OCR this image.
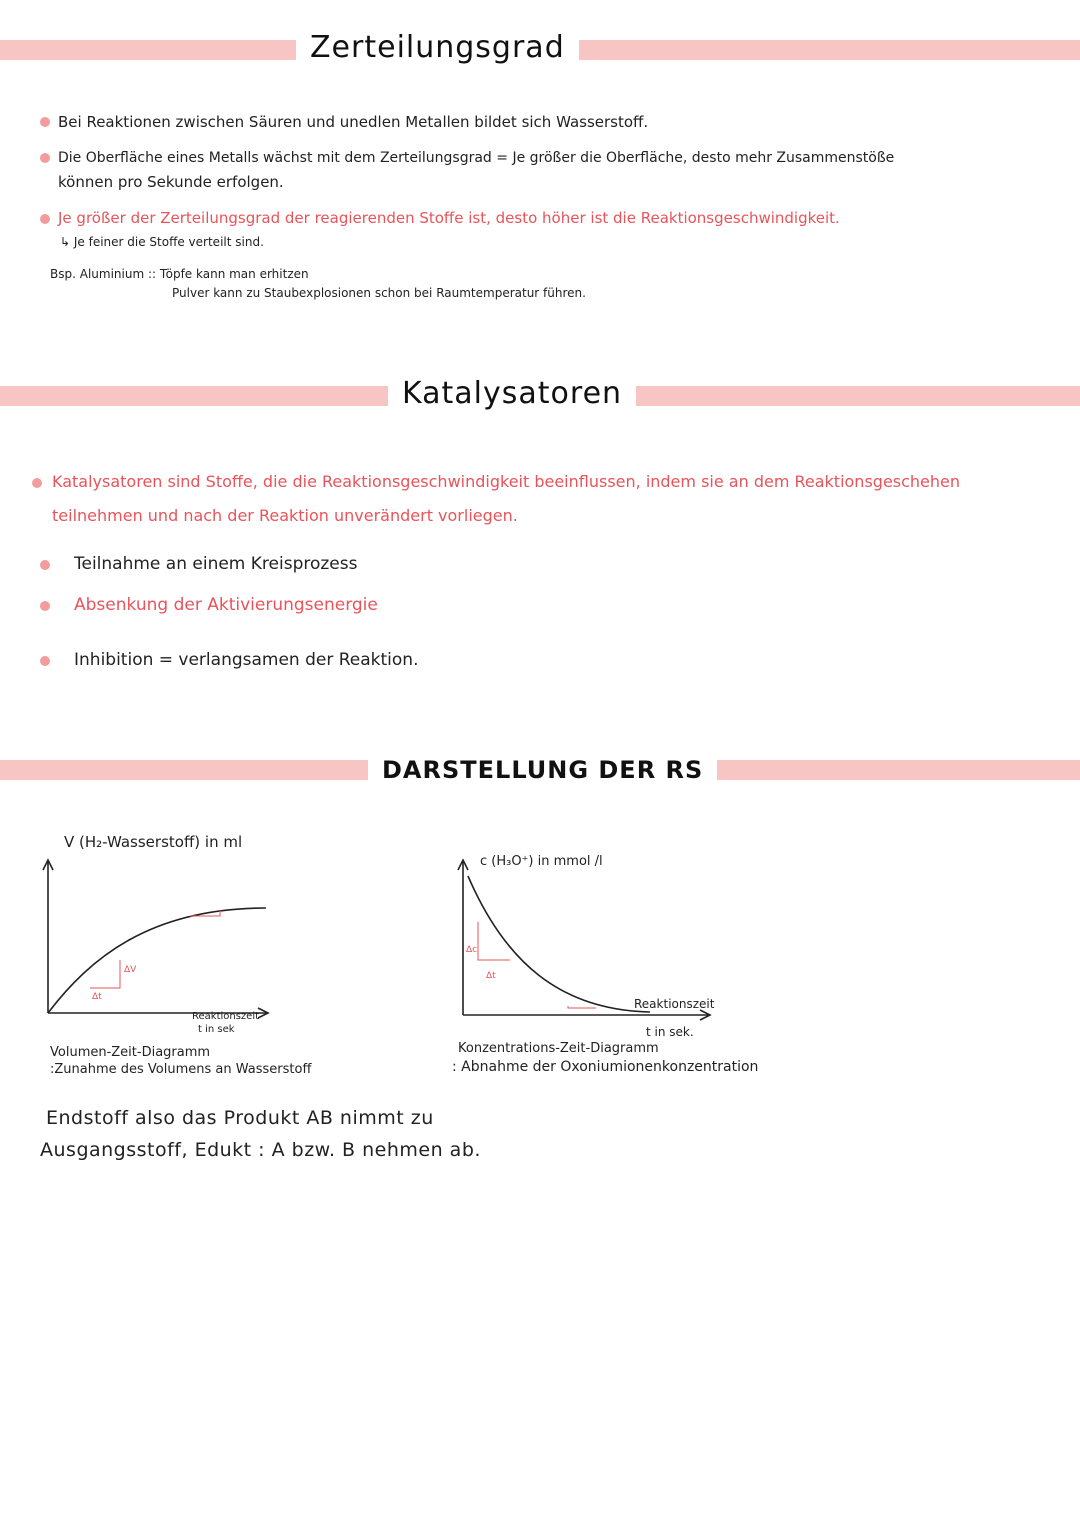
Zerteilungsgrad
Bei Reaktionen zwischen Säuren und unedlen Metallen bildet sich Wasserstoff.
Die Oberfläche eines Metalls wächst mit dem Zerteilungsgrad = Je größer die Oberfläche, desto mehr Zusammenstöße
können pro Sekunde erfolgen.
Je größer der Zerteilungsgrad der reagierenden Stoffe ist, desto höher ist die Reaktionsgeschwindigkeit.
↳ Je feiner die Stoffe verteilt sind.
Bsp. Aluminium :: Töpfe kann man erhitzen
Pulver kann zu Staubexplosionen schon bei Raumtemperatur führen.
Katalysatoren
Katalysatoren sind Stoffe, die die Reaktionsgeschwindigkeit beeinflussen, indem sie an dem Reaktionsgeschehen
teilnehmen und nach der Reaktion unverändert vorliegen.
Teilnahme an einem Kreisprozess
Absenkung der Aktivierungsenergie
Inhibition = verlangsamen der Reaktion.
DARSTELLUNG DER RS
V (H₂-Wasserstoff) in ml
ΔV
Δt
Reaktionszeit
t in sek
Volumen-Zeit-Diagramm
:Zunahme des Volumens an Wasserstoff
c (H₃O⁺) in mmol /l
Δc
Δt
Reaktionszeit
t in sek.
Konzentrations-Zeit-Diagramm
: Abnahme der Oxoniumionenkonzentration
Endstoff also das Produkt AB nimmt zu
Ausgangsstoff, Edukt : A bzw. B nehmen ab.
